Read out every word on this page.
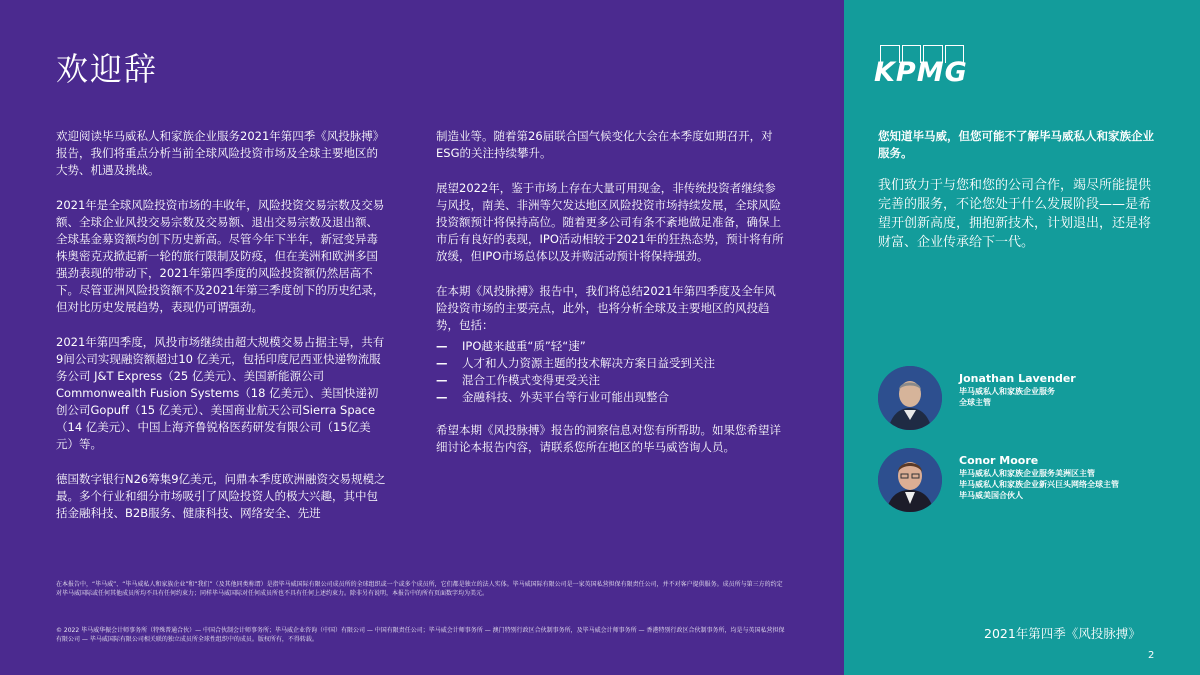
欢迎辞

欢迎阅读毕马威私人和家族企业服务2021年第四季《风投脉搏》报告，我们将重点分析当前全球风险投资市场及全球主要地区的大势、机遇及挑战。

2021年是全球风险投资市场的丰收年，风险投资交易宗数及交易额、全球企业风投交易宗数及交易额、退出交易宗数及退出额、全球基金募资额均创下历史新高。尽管今年下半年，新冠变异毒株奥密克戎掀起新一轮的旅行限制及防疫，但在美洲和欧洲多国强劲表现的带动下，2021年第四季度的风险投资额仍然居高不下。尽管亚洲风险投资额不及2021年第三季度创下的历史纪录，但对比历史发展趋势，表现仍可谓强劲。

2021年第四季度，风投市场继续由超大规模交易占据主导，共有9间公司实现融资额超过10 亿美元，包括印度尼西亚快递物流服务公司 J&T Express（25 亿美元）、美国新能源公司Commonwealth Fusion Systems（18 亿美元）、美国快递初创公司Gopuff（15 亿美元）、美国商业航天公司Sierra Space（14 亿美元）、中国上海齐鲁锐格医药研发有限公司（15亿美元）等。

德国数字银行N26筹集9亿美元，问鼎本季度欧洲融资交易规模之最。多个行业和细分市场吸引了风险投资人的极大兴趣，其中包括金融科技、B2B服务、健康科技、网络安全、先进

制造业等。随着第26届联合国气候变化大会在本季度如期召开，对ESG的关注持续攀升。

展望2022年，鉴于市场上存在大量可用现金，非传统投资者继续参与风投，南美、非洲等欠发达地区风险投资市场持续发展，全球风险投资额预计将保持高位。随着更多公司有条不紊地做足准备，确保上市后有良好的表现，IPO活动相较于2021年的狂热态势，预计将有所放缓，但IPO市场总体以及并购活动预计将保持强劲。

在本期《风投脉搏》报告中，我们将总结2021年第四季度及全年风险投资市场的主要亮点，此外，也将分析全球及主要地区的风投趋势，包括：

—	IPO越来越重“质”轻“速”
—	人才和人力资源主题的技术解决方案日益受到关注
—	混合工作模式变得更受关注
—	金融科技、外卖平台等行业可能出现整合

希望本期《风投脉搏》报告的洞察信息对您有所帮助。如果您希望详细讨论本报告内容，请联系您所在地区的毕马威咨询人员。

在本报告中，“毕马威”、“毕马威私人和家族企业”和“我们”（及其他同类称谓）是指毕马威国际有限公司成员所的全球组织或一个或多个成员所，它们都是独立的法人实体。毕马威国际有限公司是一家英国私营担保有限责任公司，并不对客户提供服务。成员所与第三方的约定对毕马威国际或任何其他成员所均不具有任何约束力；同样毕马威国际对任何成员所也不具有任何上述约束力。除非另有说明，本报告中的所有页面数字均为美元。
© 2022 毕马威华振会计师事务所（特殊普通合伙）— 中国合伙制会计师事务所；毕马威企业咨询（中国）有限公司 — 中国有限责任公司；毕马威会计师事务所 — 澳门特别行政区合伙制事务所，及毕马威会计师事务所 — 香港特别行政区合伙制事务所，均是与英国私营担保有限公司 — 毕马威国际有限公司相关联的独立成员所全球性组织中的成员。版权所有，不得转载。
KPMG
您知道毕马威，但您可能不了解毕马威私人和家族企业服务。
我们致力于与您和您的公司合作，竭尽所能提供完善的服务，不论您处于什么发展阶段——是希望开创新高度，拥抱新技术，计划退出，还是将财富、企业传承给下一代。
Jonathan Lavender
毕马威私人和家族企业服务
全球主管
Conor Moore
毕马威私人和家族企业服务美洲区主管
毕马威私人和家族企业新兴巨头网络全球主管
毕马威美国合伙人
2021年第四季《风投脉搏》
2
